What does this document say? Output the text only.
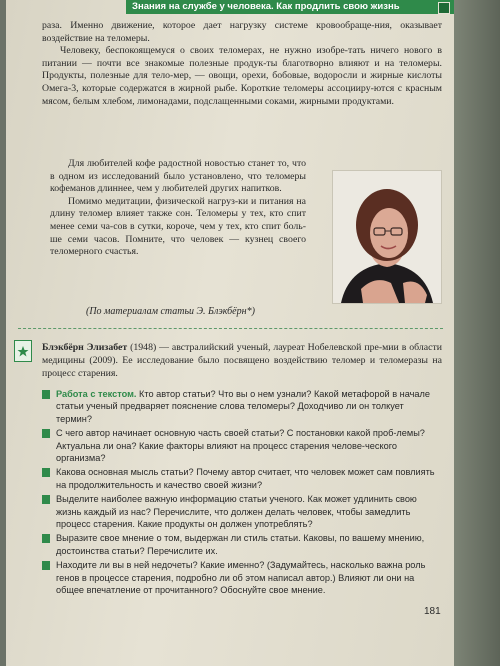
Знания на службе у человека. Как продлить свою жизнь

раза. Именно движение, которое дает нагрузку системе кровообраще-ния, оказывает воздействие на теломеры.

Человеку, беспокоящемуся о своих теломерах, не нужно изобре-тать ничего нового в питании — почти все знакомые полезные продук-ты благотворно влияют и на теломеры. Продукты, полезные для тело-мер, — овощи, орехи, бобовые, водоросли и жирные кислоты Омега-3, которые содержатся в жирной рыбе. Короткие теломеры ассоцииру-ются с красным мясом, белым хлебом, лимонадами, подслащенными соками, жирными продуктами.

Для любителей кофе радостной новостью станет то, что в одном из исследований было установлено, что теломеры кофеманов длиннее, чем у любителей других напитков.

Помимо медитации, физической нагруз-ки и питания на длину теломер влияет также сон. Теломеры у тех, кто спит менее семи ча-сов в сутки, короче, чем у тех, кто спит боль-ше семи часов. Помните, что человек — кузнец своего теломерного счастья.

(По материалам статьи Э. Блэкбёрн*)
Блэкбёрн Элизабет (1948) — австралийский ученый, лауреат Нобелевской пре-мии в области медицины (2009). Ее исследование было посвящено воздействию теломер и теломеразы на процесс старения.
Работа с текстом. Кто автор статьи? Что вы о нем узнали? Какой метафорой в начале статьи ученый предваряет пояснение слова теломеры? Доходчиво ли он толкует термин?
С чего автор начинает основную часть своей статьи? С постановки какой проб-лемы? Актуальна ли она? Какие факторы влияют на процесс старения челове-ческого организма?
Какова основная мысль статьи? Почему автор считает, что человек может сам повлиять на продолжительность и качество своей жизни?
Выделите наиболее важную информацию статьи ученого. Как может удлинить свою жизнь каждый из нас? Перечислите, что должен делать человек, чтобы замедлить процесс старения. Какие продукты он должен употреблять?
Выразите свое мнение о том, выдержан ли стиль статьи. Каковы, по вашему мнению, достоинства статьи? Перечислите их.
Находите ли вы в ней недочеты? Какие именно? (Задумайтесь, насколько важна роль генов в процессе старения, подробно ли об этом написал автор.) Влияют ли они на общее впечатление от прочитанного? Обоснуйте свое мнение.
181
